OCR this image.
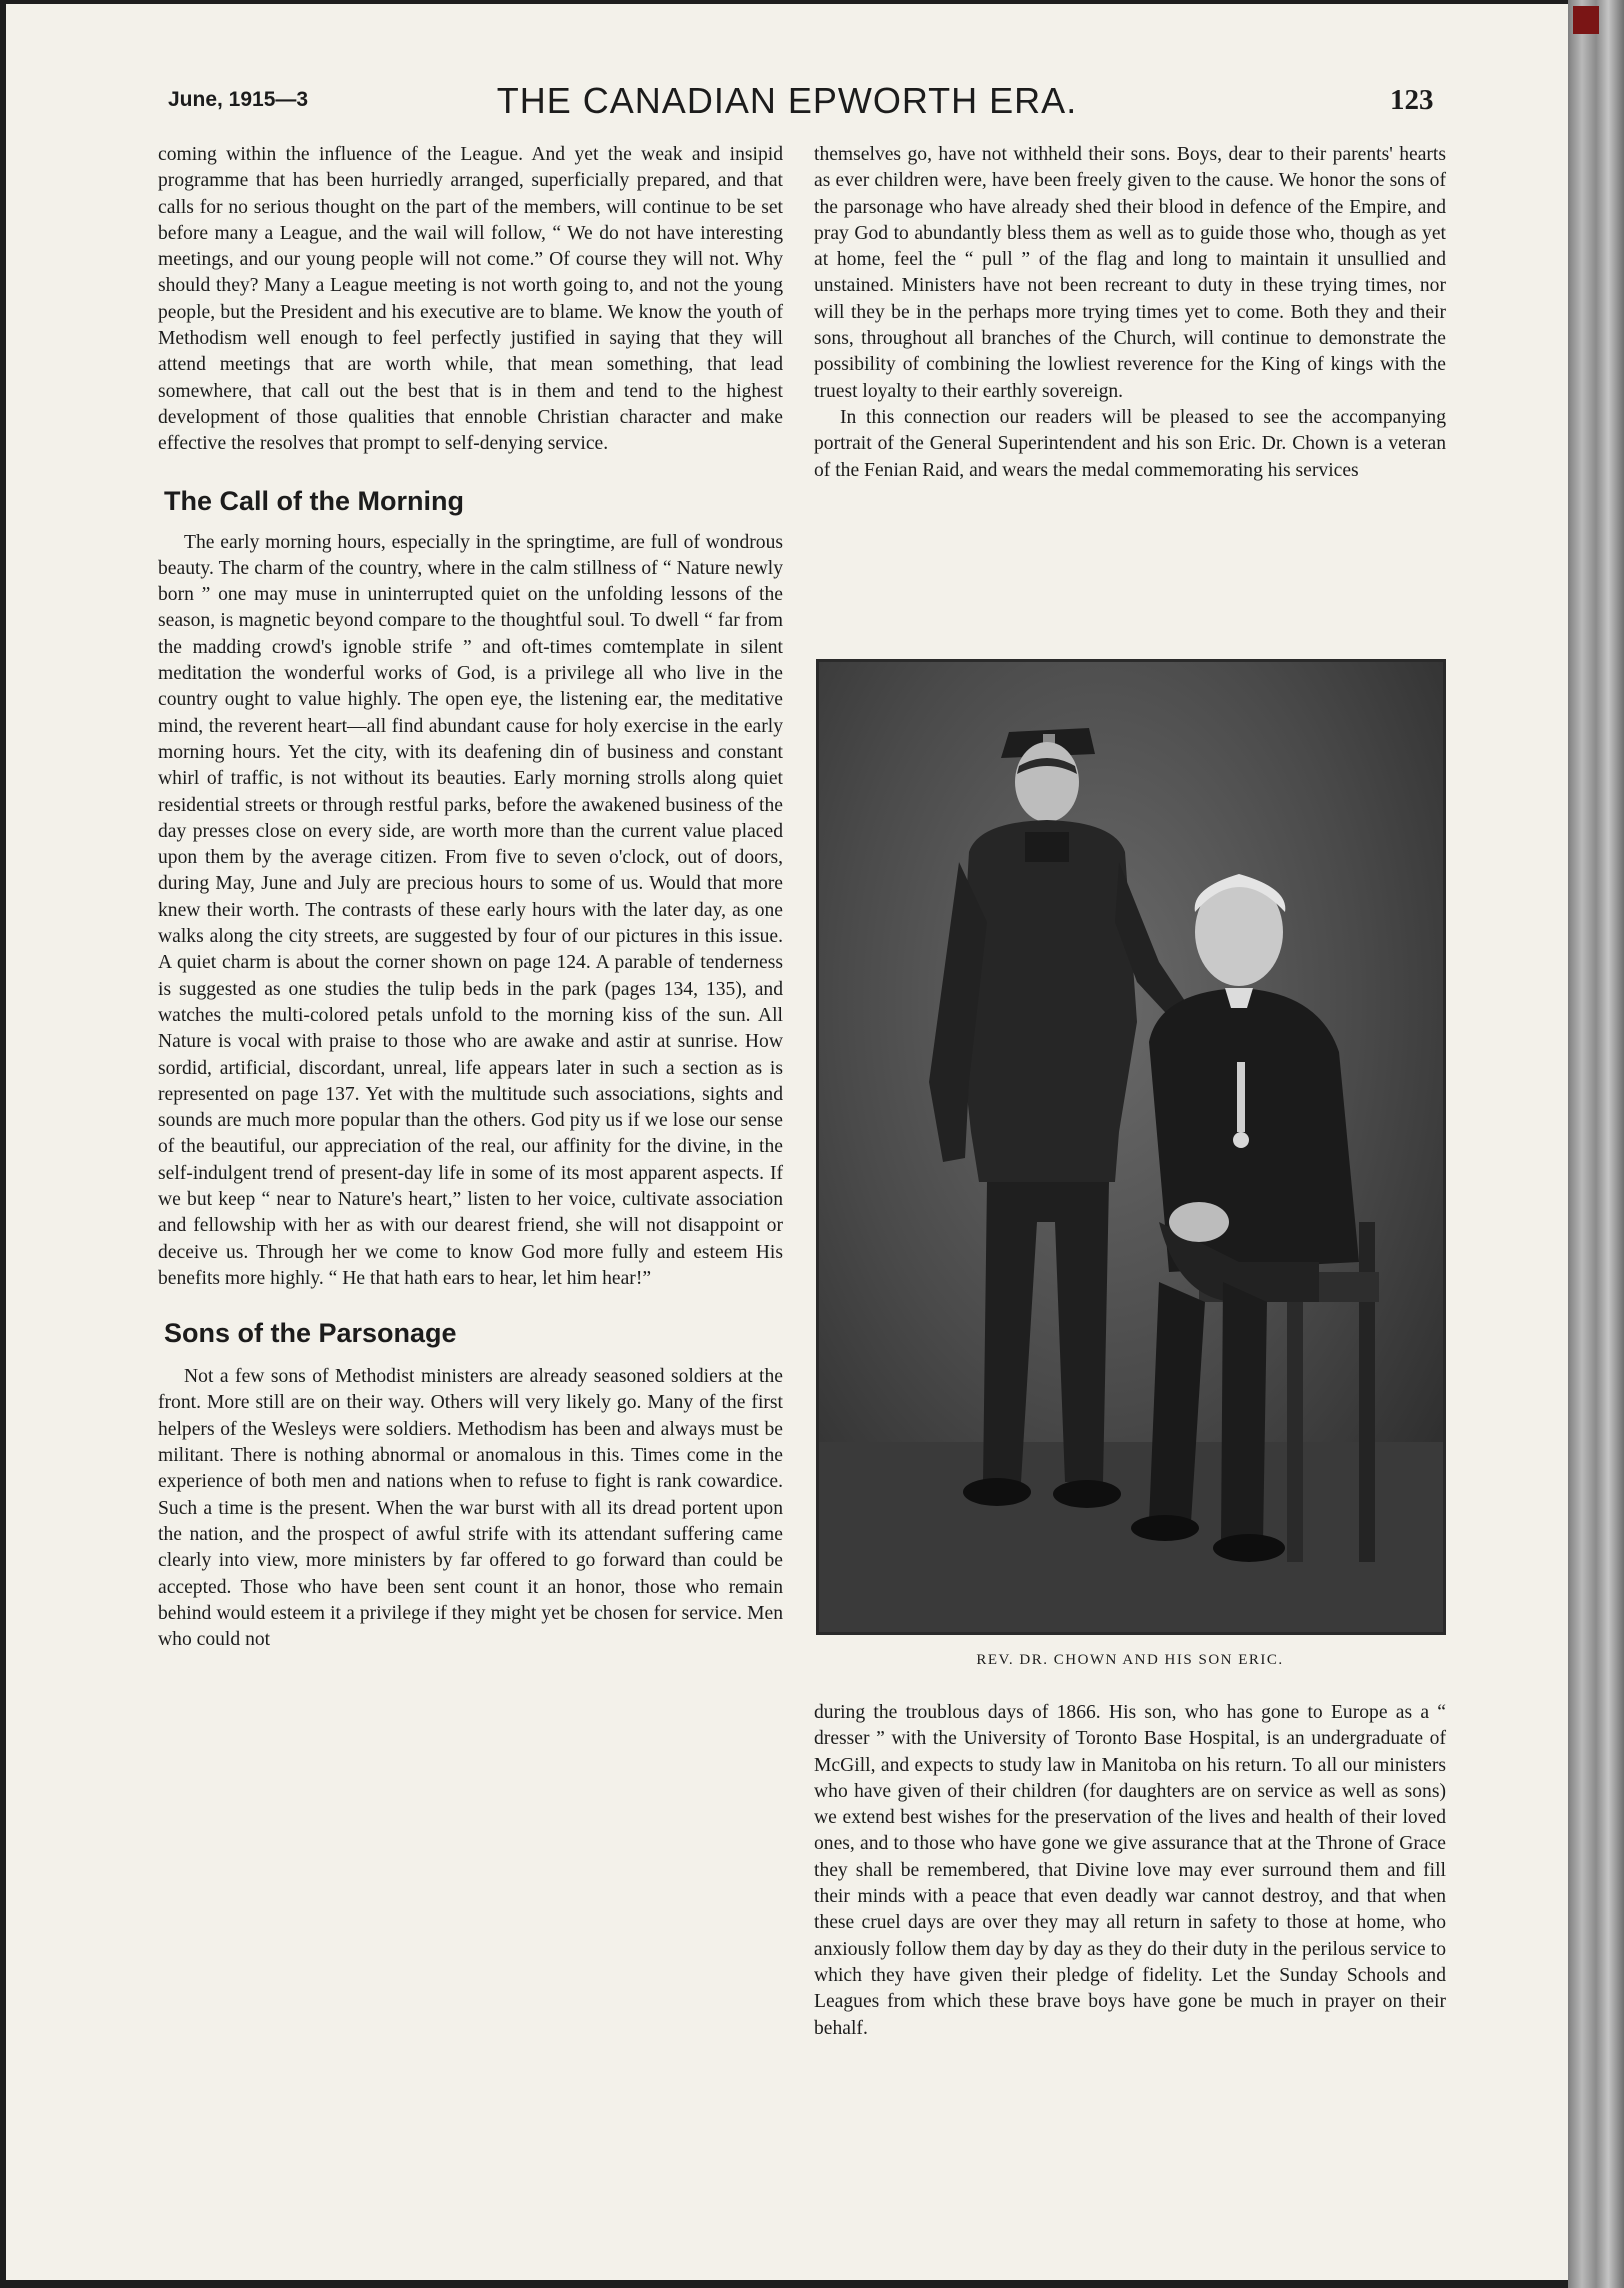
June, 1915—3	THE CANADIAN EPWORTH ERA.	123

coming within the influence of the League. And yet the weak and insipid programme that has been hurriedly arranged, superficially prepared, and that calls for no serious thought on the part of the members, will continue to be set before many a League, and the wail will follow, “ We do not have interesting meetings, and our young people will not come.” Of course they will not. Why should they? Many a League meeting is not worth going to, and not the young people, but the President and his executive are to blame. We know the youth of Methodism well enough to feel perfectly justified in saying that they will attend meetings that are worth while, that mean something, that lead somewhere, that call out the best that is in them and tend to the highest development of those qualities that ennoble Christian character and make effective the resolves that prompt to self-denying service.

The Call of the Morning

The early morning hours, especially in the springtime, are full of wondrous beauty. The charm of the country, where in the calm stillness of “ Nature newly born ” one may muse in uninterrupted quiet on the unfolding lessons of the season, is magnetic beyond compare to the thoughtful soul. To dwell “ far from the madding crowd's ignoble strife ” and oft-times comtemplate in silent meditation the wonderful works of God, is a privilege all who live in the country ought to value highly. The open eye, the listening ear, the meditative mind, the reverent heart—all find abundant cause for holy exercise in the early morning hours. Yet the city, with its deafening din of business and constant whirl of traffic, is not without its beauties. Early morning strolls along quiet residential streets or through restful parks, before the awakened business of the day presses close on every side, are worth more than the current value placed upon them by the average citizen. From five to seven o'clock, out of doors, during May, June and July are precious hours to some of us. Would that more knew their worth. The contrasts of these early hours with the later day, as one walks along the city streets, are suggested by four of our pictures in this issue. A quiet charm is about the corner shown on page 124. A parable of tenderness is suggested as one studies the tulip beds in the park (pages 134, 135), and watches the multi-colored petals unfold to the morning kiss of the sun. All Nature is vocal with praise to those who are awake and astir at sunrise. How sordid, artificial, discordant, unreal, life appears later in such a section as is represented on page 137. Yet with the multitude such associations, sights and sounds are much more popular than the others. God pity us if we lose our sense of the beautiful, our appreciation of the real, our affinity for the divine, in the self-indulgent trend of present-day life in some of its most apparent aspects. If we but keep “ near to Nature's heart,” listen to her voice, cultivate association and fellowship with her as with our dearest friend, she will not disappoint or deceive us. Through her we come to know God more fully and esteem His benefits more highly. “ He that hath ears to hear, let him hear!”

Sons of the Parsonage

Not a few sons of Methodist ministers are already seasoned soldiers at the front. More still are on their way. Others will very likely go. Many of the first helpers of the Wesleys were soldiers. Methodism has been and always must be militant. There is nothing abnormal or anomalous in this. Times come in the experience of both men and nations when to refuse to fight is rank cowardice. Such a time is the present. When the war burst with all its dread portent upon the nation, and the prospect of awful strife with its attendant suffering came clearly into view, more ministers by far offered to go forward than could be accepted. Those who have been sent count it an honor, those who remain behind would esteem it a privilege if they might yet be chosen for service. Men who could not

themselves go, have not withheld their sons. Boys, dear to their parents' hearts as ever children were, have been freely given to the cause. We honor the sons of the parsonage who have already shed their blood in defence of the Empire, and pray God to abundantly bless them as well as to guide those who, though as yet at home, feel the “ pull ” of the flag and long to maintain it unsullied and unstained. Ministers have not been recreant to duty in these trying times, nor will they be in the perhaps more trying times yet to come. Both they and their sons, throughout all branches of the Church, will continue to demonstrate the possibility of combining the lowliest reverence for the King of kings with the truest loyalty to their earthly sovereign.

In this connection our readers will be pleased to see the accompanying portrait of the General Superintendent and his son Eric. Dr. Chown is a veteran of the Fenian Raid, and wears the medal commemorating his services

REV. DR. CHOWN AND HIS SON ERIC.

during the troublous days of 1866. His son, who has gone to Europe as a “ dresser ” with the University of Toronto Base Hospital, is an undergraduate of McGill, and expects to study law in Manitoba on his return. To all our ministers who have given of their children (for daughters are on service as well as sons) we extend best wishes for the preservation of the lives and health of their loved ones, and to those who have gone we give assurance that at the Throne of Grace they shall be remembered, that Divine love may ever surround them and fill their minds with a peace that even deadly war cannot destroy, and that when these cruel days are over they may all return in safety to those at home, who anxiously follow them day by day as they do their duty in the perilous service to which they have given their pledge of fidelity. Let the Sunday Schools and Leagues from which these brave boys have gone be much in prayer on their behalf.
